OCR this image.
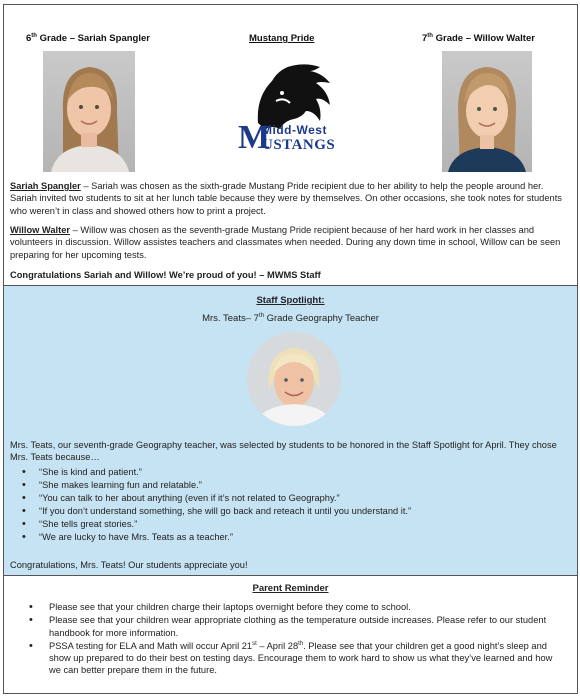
6th Grade – Sariah Spangler	Mustang Pride	7th Grade – Willow Walter
M
Midd-West
USTANGS
Sariah Spangler – Sariah was chosen as the sixth-grade Mustang Pride recipient due to her ability to help the people around her. Sariah invited two students to sit at her lunch table because they were by themselves. On other occasions, she took notes for students who weren’t in class and showed others how to print a project.
Willow Walter – Willow was chosen as the seventh-grade Mustang Pride recipient because of her hard work in her classes and volunteers in discussion. Willow assistes teachers and classmates when needed. During any down time in school, Willow can be seen preparing for her upcoming tests.
Congratulations Sariah and Willow! We’re proud of you! – MWMS Staff
Staff Spotlight:
Mrs. Teats– 7th Grade Geography Teacher
Mrs. Teats, our seventh-grade Geography teacher, was selected by students to be honored in the Staff Spotlight for April. They chose Mrs. Teats because…
• “She is kind and patient.”
• “She makes learning fun and relatable.”
• “You can talk to her about anything (even if it’s not related to Geography.”
• “If you don’t understand something, she will go back and reteach it until you understand it.”
• “She tells great stories.”
• “We are lucky to have Mrs. Teats as a teacher.”
Congratulations, Mrs. Teats! Our students appreciate you!
Parent Reminder
• Please see that your children charge their laptops overnight before they come to school.
• Please see that your children wear appropriate clothing as the temperature outside increases. Please refer to our student handbook for more information.
• PSSA testing for ELA and Math will occur April 21st – April 28th. Please see that your children get a good night’s sleep and show up prepared to do their best on testing days. Encourage them to work hard to show us what they’ve learned and how we can better prepare them in the future.
